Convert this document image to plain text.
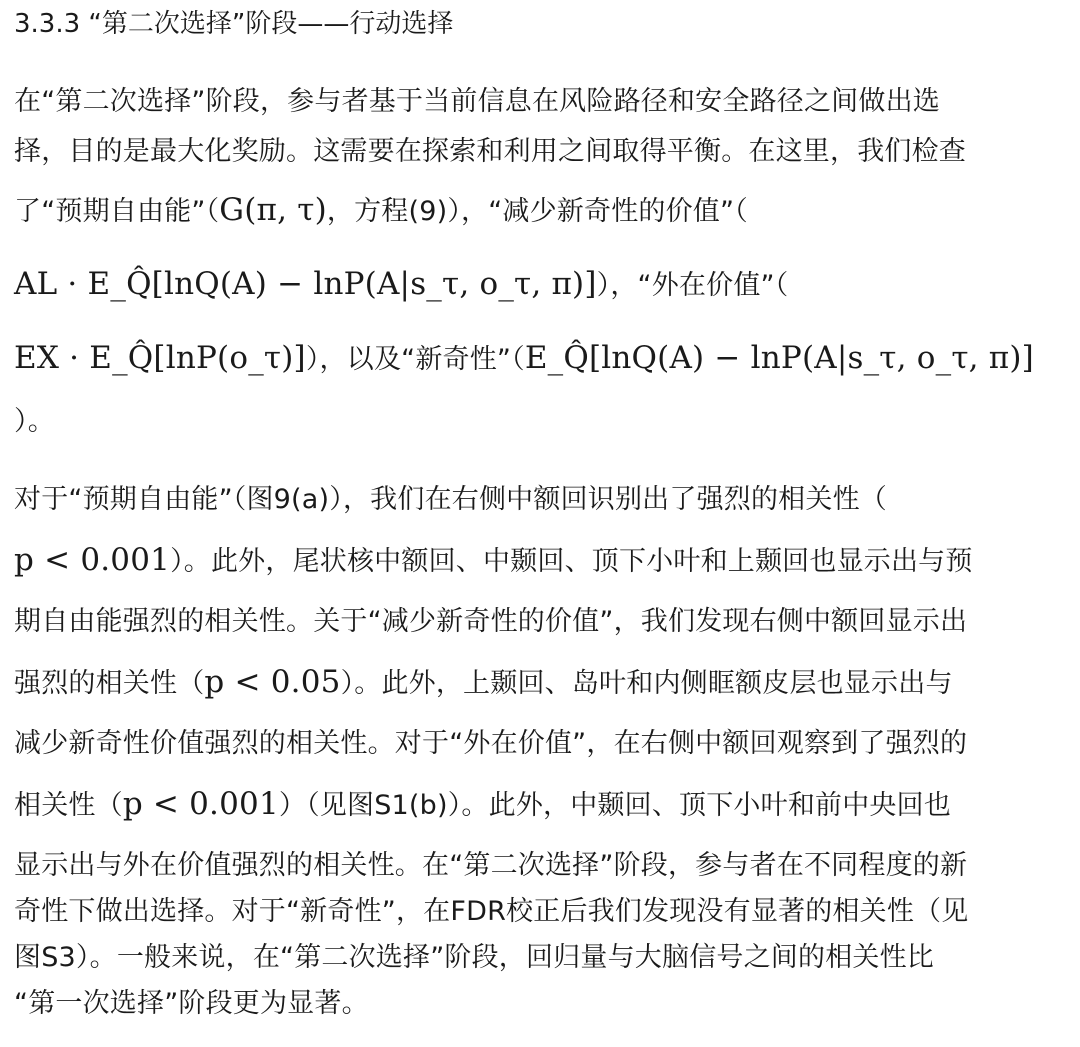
3.3.3 “第二次选择”阶段——行动选择
在“第二次选择”阶段，参与者基于当前信息在风险路径和安全路径之间做出选
择，目的是最大化奖励。这需要在探索和利用之间取得平衡。在这里，我们检查
了“预期自由能”（G(π, τ)，方程(9)），“减少新奇性的价值”（
AL · E_Q̂[lnQ(A) − lnP(A|s_τ, o_τ, π)]），“外在价值”（
EX · E_Q̂[lnP(o_τ)]），以及“新奇性”（E_Q̂[lnQ(A) − lnP(A|s_τ, o_τ, π)]
）。
对于“预期自由能”（图9(a)），我们在右侧中额回识别出了强烈的相关性（
p < 0.001）。此外，尾状核中额回、中颞回、顶下小叶和上颞回也显示出与预
期自由能强烈的相关性。关于“减少新奇性的价值”，我们发现右侧中额回显示出
强烈的相关性（p < 0.05）。此外，上颞回、岛叶和内侧眶额皮层也显示出与
减少新奇性价值强烈的相关性。对于“外在价值”，在右侧中额回观察到了强烈的
相关性（p < 0.001）（见图S1(b)）。此外，中颞回、顶下小叶和前中央回也
显示出与外在价值强烈的相关性。在“第二次选择”阶段，参与者在不同程度的新
奇性下做出选择。对于“新奇性”，在FDR校正后我们发现没有显著的相关性（见
图S3）。一般来说，在“第二次选择”阶段，回归量与大脑信号之间的相关性比
“第一次选择”阶段更为显著。
